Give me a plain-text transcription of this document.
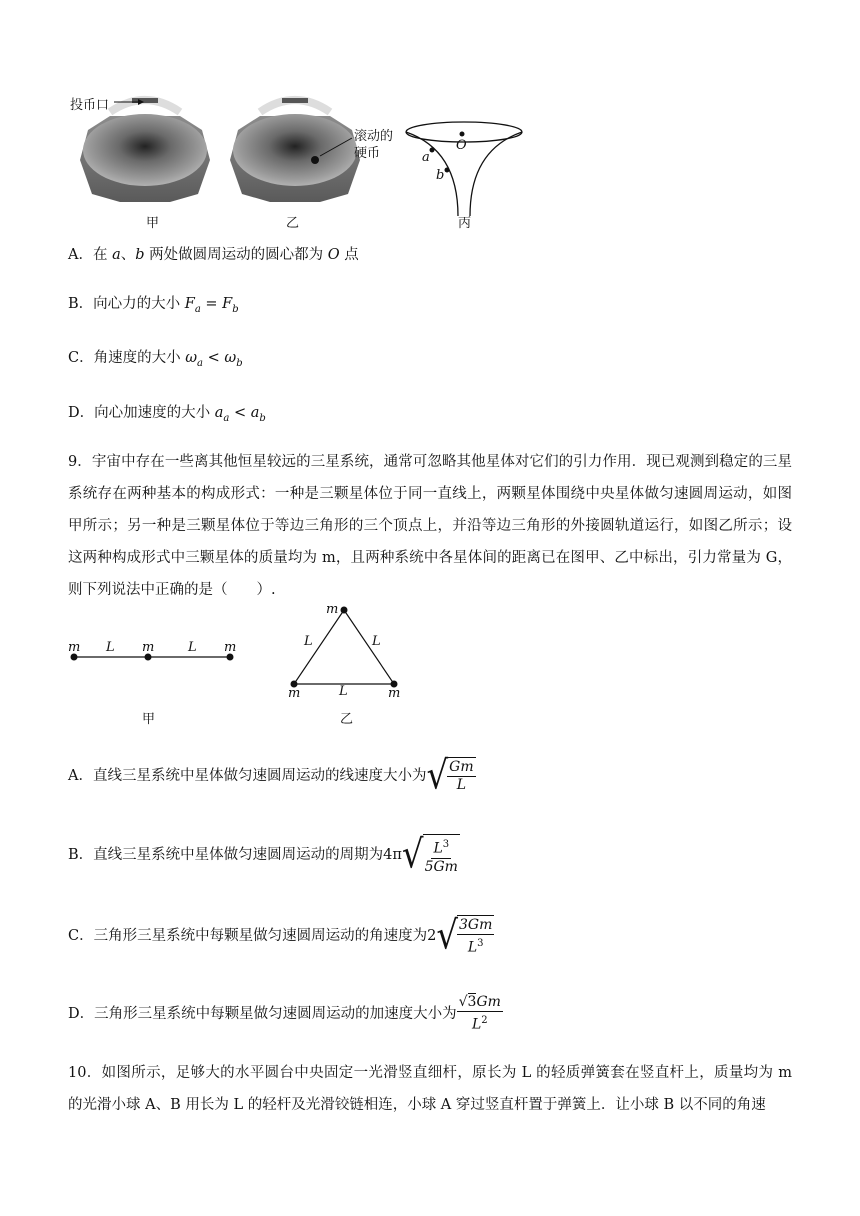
投币口
滚动的
硬币
O
a
b
甲	乙	丙
A．在 a、b 两处做圆周运动的圆心都为 O 点
B．向心力的大小 $F_a = F_b$
C．角速度的大小 $\omega_a < \omega_b$
D．向心加速度的大小 $a_a < a_b$
9．宇宙中存在一些离其他恒星较远的三星系统，通常可忽略其他星体对它们的引力作用．现已观测到稳定的三星系统存在两种基本的构成形式：一种是三颗星体位于同一直线上，两颗星体围绕中央星体做匀速圆周运动，如图甲所示；另一种是三颗星体位于等边三角形的三个顶点上，并沿等边三角形的外接圆轨道运行，如图乙所示；设这两种构成形式中三颗星体的质量均为 m，且两种系统中各星体间的距离已在图甲、乙中标出，引力常量为 G，则下列说法中正确的是（　　）.
m L m	L m
m
L	L
m	L	m
甲	乙
A．直线三星系统中星体做匀速圆周运动的线速度大小为 √ $\frac{Gm}{L}$
B．直线三星系统中星体做匀速圆周运动的周期为 4π √ $\frac{L^3}{5Gm}$
C．三角形三星系统中每颗星做匀速圆周运动的角速度为 2 √ $\frac{3Gm}{L^3}$
D．三角形三星系统中每颗星做匀速圆周运动的加速度大小为 $\frac{√3Gm}{L^2}$
10．如图所示，足够大的水平圆台中央固定一光滑竖直细杆，原长为 L 的轻质弹簧套在竖直杆上，质量均为 m 的光滑小球 A、B 用长为 L 的轻杆及光滑铰链相连，小球 A 穿过竖直杆置于弹簧上．让小球 B 以不同的角速
